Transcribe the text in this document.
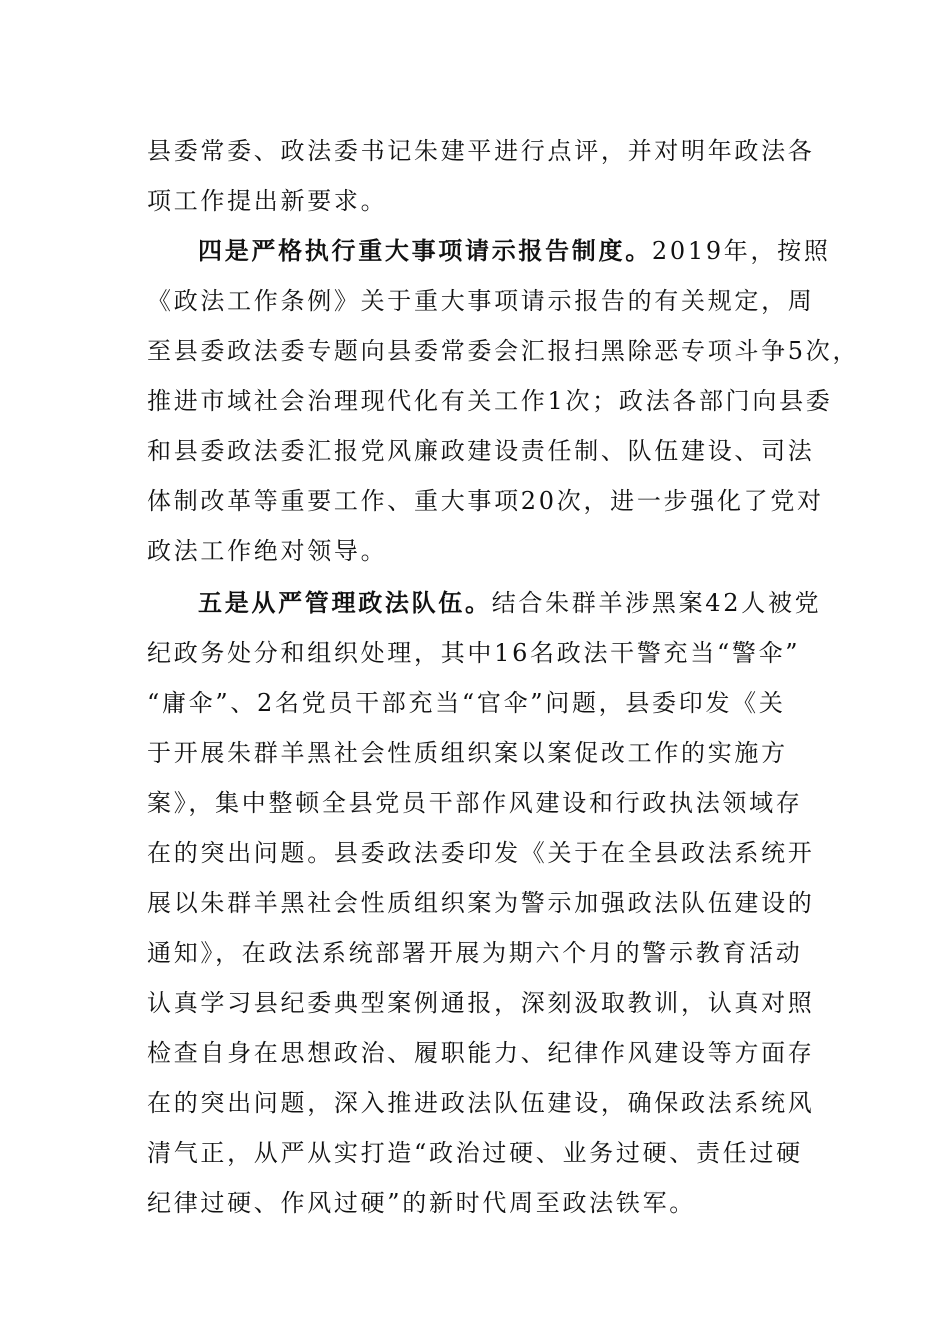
县委常委、政法委书记朱建平进行点评，并对明年政法各
项工作提出新要求。
四是严格执行重大事项请示报告制度。2019年，按照
《政法工作条例》关于重大事项请示报告的有关规定，周
至县委政法委专题向县委常委会汇报扫黑除恶专项斗争5次，
推进市域社会治理现代化有关工作1次；政法各部门向县委
和县委政法委汇报党风廉政建设责任制、队伍建设、司法
体制改革等重要工作、重大事项20次，进一步强化了党对
政法工作绝对领导。
五是从严管理政法队伍。结合朱群羊涉黑案42人被党
纪政务处分和组织处理，其中16名政法干警充当“警伞”
“庸伞”、2名党员干部充当“官伞”问题，县委印发《关
于开展朱群羊黑社会性质组织案以案促改工作的实施方
案》，集中整顿全县党员干部作风建设和行政执法领域存
在的突出问题。县委政法委印发《关于在全县政法系统开
展以朱群羊黑社会性质组织案为警示加强政法队伍建设的
通知》，在政法系统部署开展为期六个月的警示教育活动
认真学习县纪委典型案例通报，深刻汲取教训，认真对照
检查自身在思想政治、履职能力、纪律作风建设等方面存
在的突出问题，深入推进政法队伍建设，确保政法系统风
清气正，从严从实打造“政治过硬、业务过硬、责任过硬
纪律过硬、作风过硬”的新时代周至政法铁军。
